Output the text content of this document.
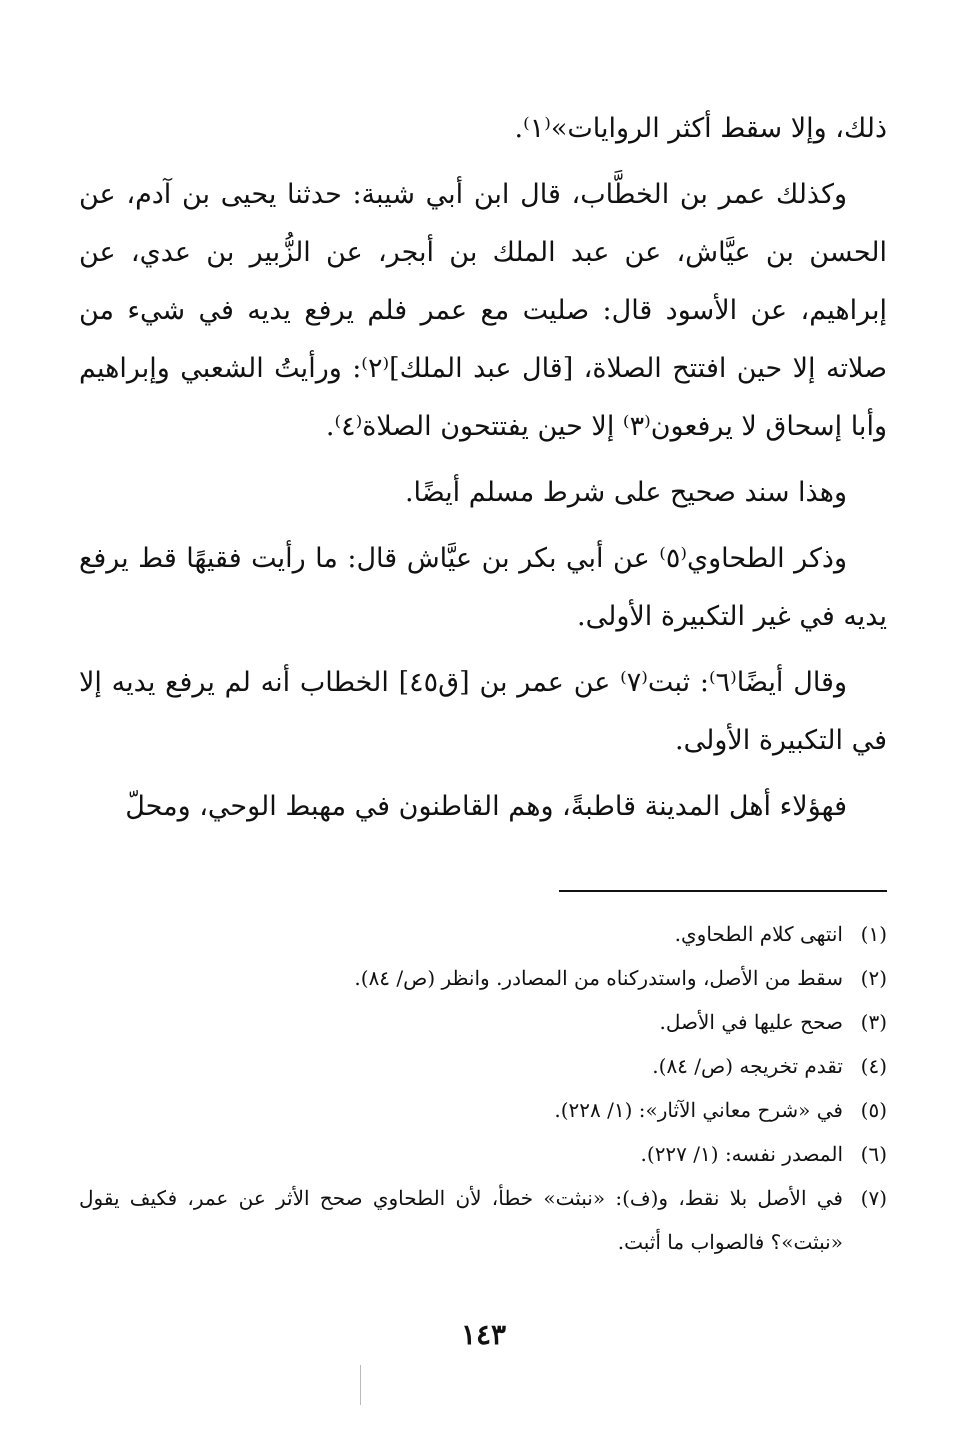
ذلك، وإلا سقط أكثر الروايات»⁽١⁾.

وكذلك عمر بن الخطَّاب، قال ابن أبي شيبة: حدثنا يحيى بن آدم، عن الحسن بن عيَّاش، عن عبد الملك بن أبجر، عن الزُّبير بن عدي، عن إبراهيم، عن الأسود قال: صليت مع عمر فلم يرفع يديه في شيء من صلاته إلا حين افتتح الصلاة، [قال عبد الملك]⁽٢⁾: ورأيتُ الشعبي وإبراهيم وأبا إسحاق لا يرفعون⁽٣⁾ إلا حين يفتتحون الصلاة⁽٤⁾.

وهذا سند صحيح على شرط مسلم أيضًا.

وذكر الطحاوي⁽٥⁾ عن أبي بكر بن عيَّاش قال: ما رأيت فقيهًا قط يرفع يديه في غير التكبيرة الأولى.

وقال أيضًا⁽٦⁾: ثبت⁽٧⁾ عن عمر بن [ق٤٥] الخطاب أنه لم يرفع يديه إلا في التكبيرة الأولى.

فهؤلاء أهل المدينة قاطبةً، وهم القاطنون في مهبط الوحي، ومحلّ

(١)
انتهى كلام الطحاوي.
(٢)
سقط من الأصل، واستدركناه من المصادر. وانظر (ص/ ٨٤).
(٣)
صحح عليها في الأصل.
(٤)
تقدم تخريجه (ص/ ٨٤).
(٥)
في «شرح معاني الآثار»: (١/ ٢٢٨).
(٦)
المصدر نفسه: (١/ ٢٢٧).
(٧)
في الأصل بلا نقط، و(ف): «نبثت» خطأ، لأن الطحاوي صحح الأثر عن عمر، فكيف يقول «نبثت»؟ فالصواب ما أثبت.
١٤٣
